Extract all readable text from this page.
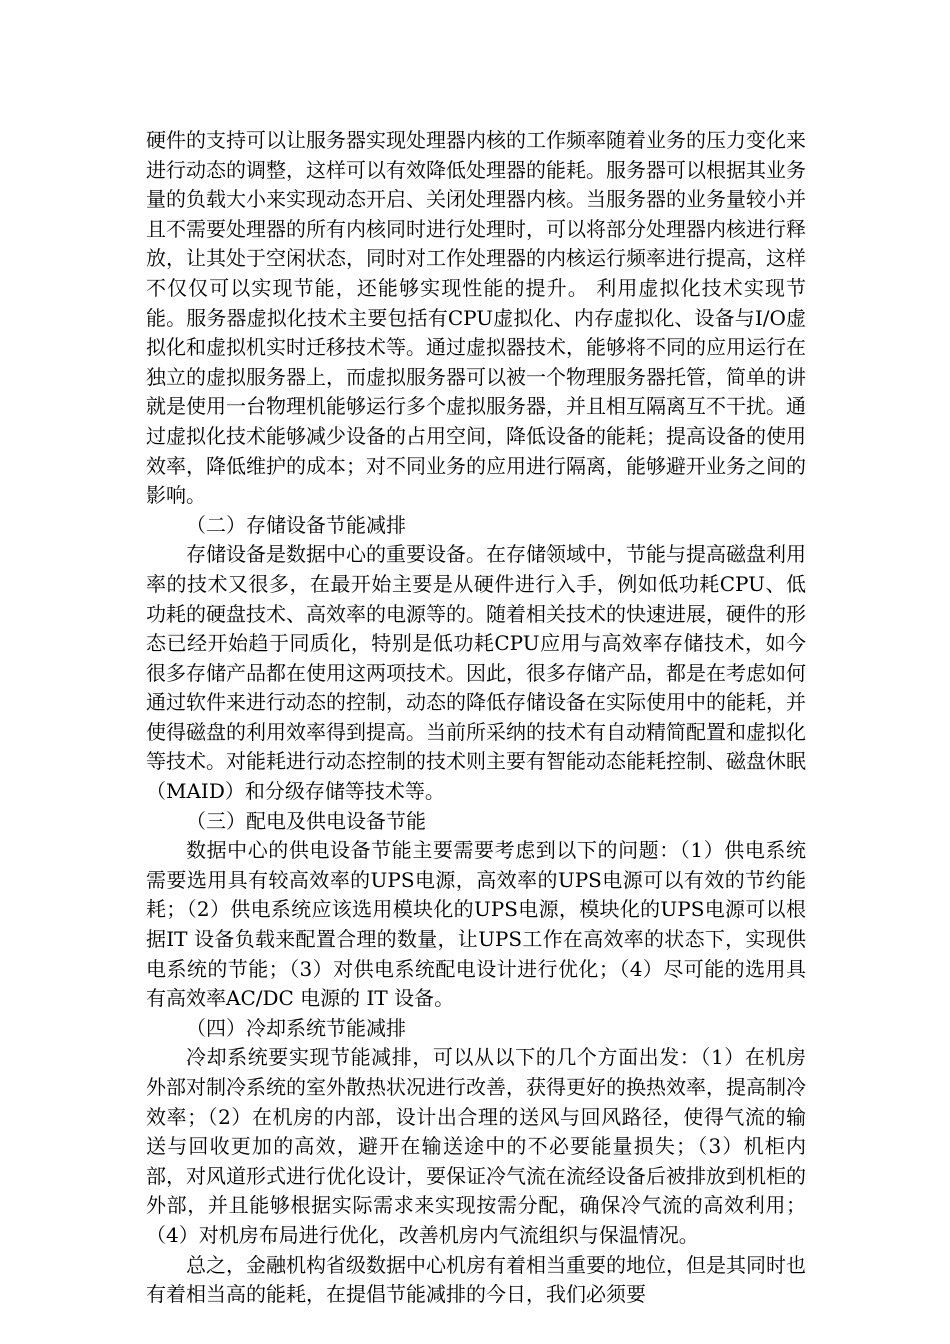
硬件的支持可以让服务器实现处理器内核的工作频率随着业务的压力变化来进行动态的调整，这样可以有效降低处理器的能耗。服务器可以根据其业务量的负载大小来实现动态开启、关闭处理器内核。当服务器的业务量较小并且不需要处理器的所有内核同时进行处理时，可以将部分处理器内核进行释放，让其处于空闲状态，同时对工作处理器的内核运行频率进行提高，这样不仅仅可以实现节能，还能够实现性能的提升。 利用虚拟化技术实现节能。服务器虚拟化技术主要包括有CPU虚拟化、内存虚拟化、设备与I/O虚拟化和虚拟机实时迁移技术等。通过虚拟器技术，能够将不同的应用运行在独立的虚拟服务器上，而虚拟服务器可以被一个物理服务器托管，简单的讲就是使用一台物理机能够运行多个虚拟服务器，并且相互隔离互不干扰。通过虚拟化技术能够减少设备的占用空间，降低设备的能耗；提高设备的使用效率，降低维护的成本；对不同业务的应用进行隔离，能够避开业务之间的影响。

（二）存储设备节能减排

存储设备是数据中心的重要设备。在存储领域中，节能与提高磁盘利用率的技术又很多，在最开始主要是从硬件进行入手，例如低功耗CPU、低功耗的硬盘技术、高效率的电源等的。随着相关技术的快速进展，硬件的形态已经开始趋于同质化，特别是低功耗CPU应用与高效率存储技术，如今很多存储产品都在使用这两项技术。因此，很多存储产品，都是在考虑如何通过软件来进行动态的控制，动态的降低存储设备在实际使用中的能耗，并使得磁盘的利用效率得到提高。当前所采纳的技术有自动精简配置和虚拟化等技术。对能耗进行动态控制的技术则主要有智能动态能耗控制、磁盘休眠（MAID）和分级存储等技术等。

（三）配电及供电设备节能

数据中心的供电设备节能主要需要考虑到以下的问题：（1）供电系统需要选用具有较高效率的UPS电源，高效率的UPS电源可以有效的节约能耗；（2）供电系统应该选用模块化的UPS电源，模块化的UPS电源可以根据IT 设备负载来配置合理的数量，让UPS工作在高效率的状态下，实现供电系统的节能；（3）对供电系统配电设计进行优化；（4）尽可能的选用具有高效率AC/DC 电源的 IT 设备。

（四）冷却系统节能减排

冷却系统要实现节能减排，可以从以下的几个方面出发：（1）在机房外部对制冷系统的室外散热状况进行改善，获得更好的换热效率，提高制冷效率；（2）在机房的内部，设计出合理的送风与回风路径，使得气流的输送与回收更加的高效，避开在输送途中的不必要能量损失；（3）机柜内部，对风道形式进行优化设计，要保证冷气流在流经设备后被排放到机柜的外部，并且能够根据实际需求来实现按需分配，确保冷气流的高效利用；（4）对机房布局进行优化，改善机房内气流组织与保温情况。

总之，金融机构省级数据中心机房有着相当重要的地位，但是其同时也有着相当高的能耗，在提倡节能减排的今日，我们必须要
